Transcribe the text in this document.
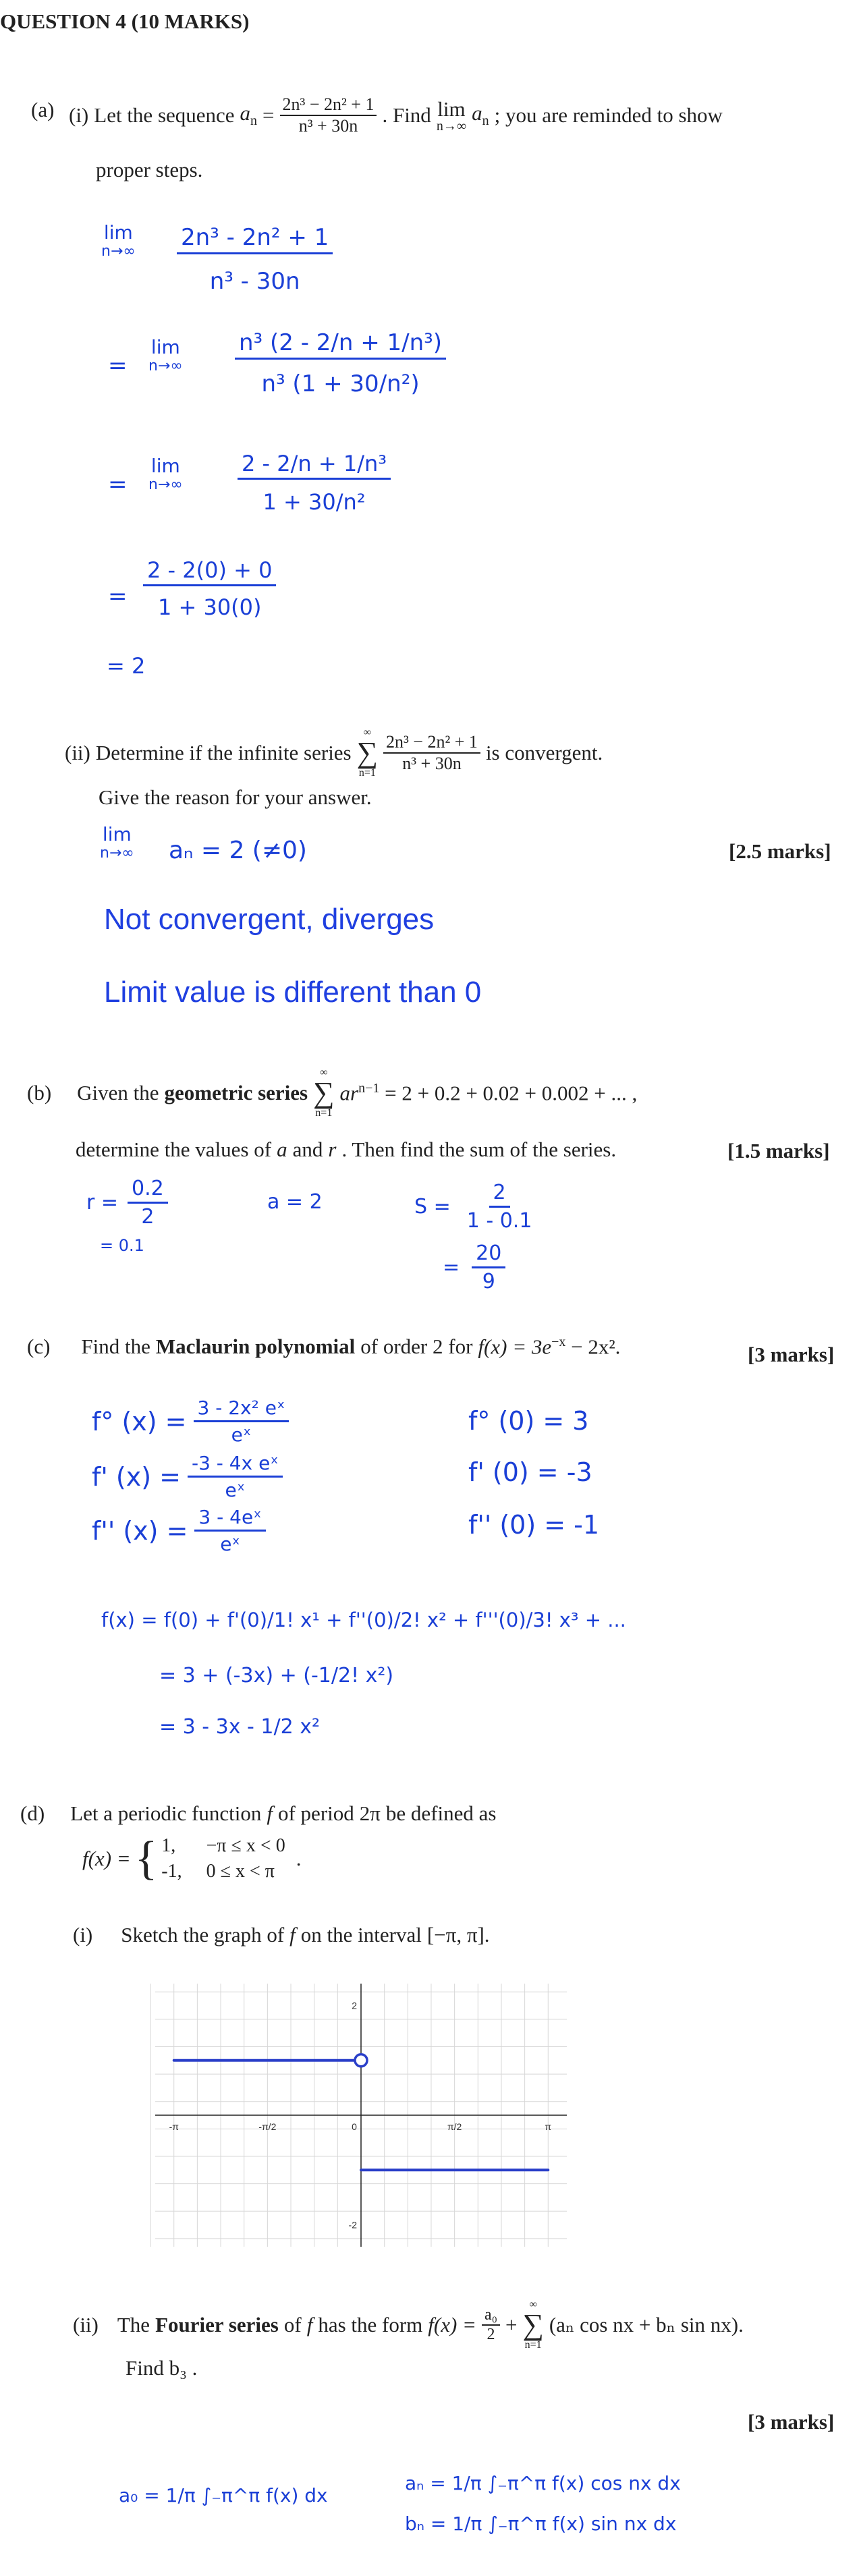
QUESTION 4 (10 MARKS)
(a) (i) Let the sequence $a_n = \frac{\text{2n³ − 2n² + 1}}{\text{n³ + 30n}}$ . Find lim
n→∞
$a_n$ ; you are reminded to show
proper steps.
lim
$n\to\infty \frac{\text{2n³ - 2n² + 1}}{\text{n³ - 30n}}$
=
lim
$n\to\infty \frac{\text{n³ (2 - 2/n + 1/n³)}}{\text{n³ (1 + 30/n²)}}$
=
lim
n→∞	$\frac{\text{2 - 2/n + 1/n³}}{\text{1 + 30/n²}}$
= $\frac{2 - 2(0) + 0}{1 + 30(0)}$
= 2
(ii) Determine if the infinite series
∞
∑
$n=1 \frac{\text{2n³ − 2n² + 1}}{\text{n³ + 30n}}$ is convergent.
Give the reason for your answer.
lim
n→∞ aₙ = 2 (≠0)	[2.5 marks]
Not convergent, diverges
Limit value is different than 0
(b) Given the geometric series
∞
∑
n=1
$ar^{n-1} = 2 + 0.2 + 0.02 + 0.002$ + ... ,
determine the values of a and r . Then find the sum of the series.	[1.5 marks]
$r = \frac{0.2}{2}$
= 0.1
a = 2	$S = \frac{2}{1 - 0.1}$
= $\frac{20}{9}$
(c) Find the Maclaurin polynomial of order 2 for $f(x) = 3e^{-x} - 2x^2$.	[3 marks]
f° $(x) = \frac{\text{3 - 2x² eˣ}}{\text{eˣ}}$
f' $(x) = \frac{\text{-3 - 4x eˣ}}{\text{eˣ}}$
f'' $(x) = \frac{\text{3 - 4eˣ}}{\text{eˣ}}$
f° (0) = 3
f' (0) = -3
f'' (0) = -1
f(x) = f(0) + f'(0)/1! x¹ + f''(0)/2! x² + f'''(0)/3! x³ + ...
= 3 + (-3x) + (-1/2! x²)
= 3 - 3x - 1/2 x²
(d) Let a periodic function f of period 2π be defined as
f(x) = { 1,	−π ≤ x < 0
-1, 0 ≤ x < π
.
(i) Sketch the graph of f on the interval [−π, π].
-π	-π/2	0	π/2	π
2
-2
(ii) The Fourier series of f has the form $f(x) = \frac{\text{a₀}}{2}$ +
∞
∑
n=1
(aₙ cos nx + bₙ sin nx).
Find b₃ .
[3 marks]
a₀ = 1/π ∫₋π^π f(x) dx
aₙ = 1/π ∫₋π^π f(x) cos nx dx
bₙ = 1/π ∫₋π^π f(x) sin nx dx
